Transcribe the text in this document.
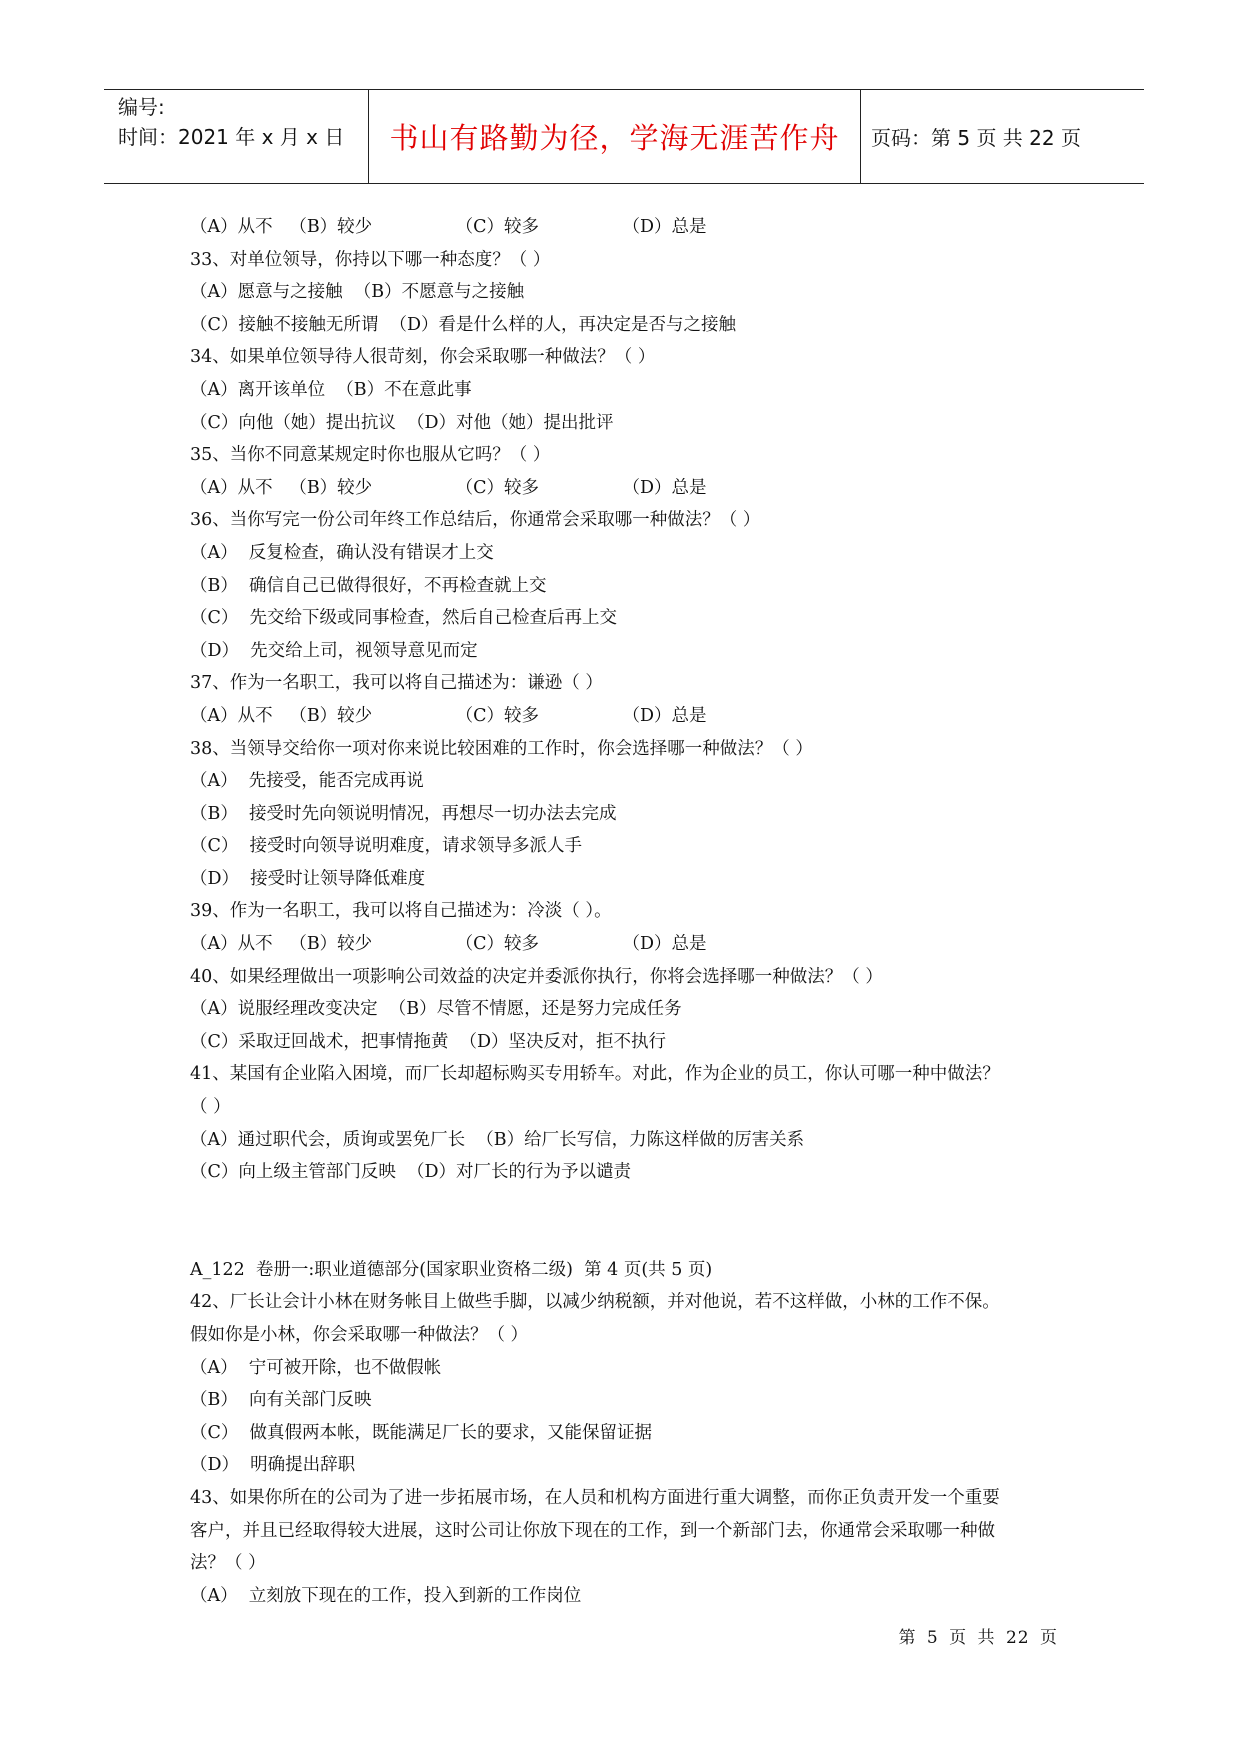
编号:
时间：2021 年 x 月 x 日	书山有路勤为径，学海无涯苦作舟	页码：第 5 页 共 22 页
（A）从不   （B）较少               （C）较多               （D）总是
33、对单位领导，你持以下哪一种态度？（ ）
（A）愿意与之接触  （B）不愿意与之接触
（C）接触不接触无所谓  （D）看是什么样的人，再决定是否与之接触
34、如果单位领导待人很苛刻，你会采取哪一种做法？（ ）
（A）离开该单位  （B）不在意此事
（C）向他（她）提出抗议  （D）对他（她）提出批评
35、当你不同意某规定时你也服从它吗？（ ）
（A）从不   （B）较少               （C）较多               （D）总是
36、当你写完一份公司年终工作总结后，你通常会采取哪一种做法？（ ）
（A）  反复检查，确认没有错误才上交
（B）  确信自己已做得很好，不再检查就上交
（C）  先交给下级或同事检查，然后自己检查后再上交
（D）  先交给上司，视领导意见而定
37、作为一名职工，我可以将自己描述为：谦逊（ ）
（A）从不   （B）较少               （C）较多               （D）总是
38、当领导交给你一项对你来说比较困难的工作时，你会选择哪一种做法？（ ）
（A）  先接受，能否完成再说
（B）  接受时先向领说明情况，再想尽一切办法去完成
（C）  接受时向领导说明难度，请求领导多派人手
（D）  接受时让领导降低难度
39、作为一名职工，我可以将自己描述为：冷淡（ ）。
（A）从不   （B）较少               （C）较多               （D）总是
40、如果经理做出一项影响公司效益的决定并委派你执行，你将会选择哪一种做法？（ ）
（A）说服经理改变决定  （B）尽管不情愿，还是努力完成任务
（C）采取迂回战术，把事情拖黄  （D）坚决反对，拒不执行
41、某国有企业陷入困境，而厂长却超标购买专用轿车。对此，作为企业的员工，你认可哪一种中做法？
（ ）
（A）通过职代会，质询或罢免厂长  （B）给厂长写信，力陈这样做的厉害关系
（C）向上级主管部门反映  （D）对厂长的行为予以谴责
A_122  卷册一:职业道德部分(国家职业资格二级)  第 4 页(共 5 页)
42、厂长让会计小林在财务帐目上做些手脚，以减少纳税额，并对他说，若不这样做，小林的工作不保。
假如你是小林，你会采取哪一种做法？（ ）
（A）  宁可被开除，也不做假帐
（B）  向有关部门反映
（C）  做真假两本帐，既能满足厂长的要求，又能保留证据
（D）  明确提出辞职
43、如果你所在的公司为了进一步拓展市场，在人员和机构方面进行重大调整，而你正负责开发一个重要
客户，并且已经取得较大进展，这时公司让你放下现在的工作，到一个新部门去，你通常会采取哪一种做
法？（ ）
（A）  立刻放下现在的工作，投入到新的工作岗位
第 5 页 共 22 页
